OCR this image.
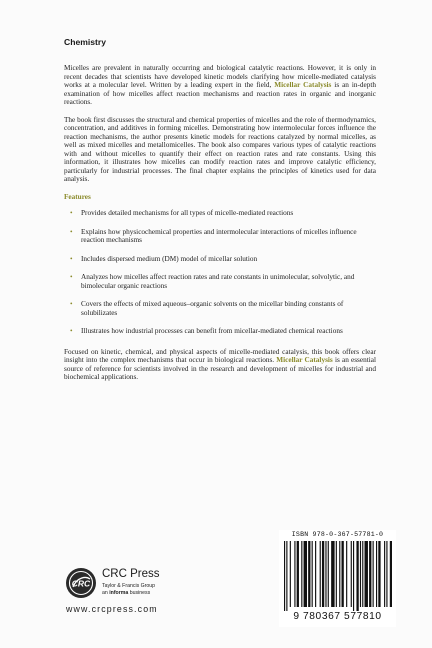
Chemistry

Micelles are prevalent in naturally occurring and biological catalytic reactions. However, it is only in recent decades that scientists have developed kinetic models clarifying how micelle-mediated catalysis works at a molecular level. Written by a leading expert in the field, Micellar Catalysis is an in-depth examination of how micelles affect reaction mechanisms and reaction rates in organic and inorganic reactions.

The book first discusses the structural and chemical properties of micelles and the role of thermodynamics, concentration, and additives in forming micelles. Demonstrating how intermolecular forces influence the reaction mechanisms, the author presents kinetic models for reactions catalyzed by normal micelles, as well as mixed micelles and metallomicelles. The book also compares various types of catalytic reactions with and without micelles to quantify their effect on reaction rates and rate constants. Using this information, it illustrates how micelles can modify reaction rates and improve catalytic efficiency, particularly for industrial processes. The final chapter explains the principles of kinetics used for data analysis.

Features
• Provides detailed mechanisms for all types of micelle-mediated reactions
• Explains how physicochemical properties and intermolecular interactions of micelles influence reaction mechanisms
• Includes dispersed medium (DM) model of micellar solution
• Analyzes how micelles affect reaction rates and rate constants in unimolecular, solvolytic, and bimolecular organic reactions
• Covers the effects of mixed aqueous–organic solvents on the micellar binding constants of solubilizates
• Illustrates how industrial processes can benefit from micellar-mediated chemical reactions

Focused on kinetic, chemical, and physical aspects of micelle-mediated catalysis, this book offers clear insight into the complex mechanisms that occur in biological reactions. Micellar Catalysis is an essential source of reference for scientists involved in the research and development of micelles for industrial and biochemical applications.

CRC
CRC Press
Taylor & Francis Group
an informa business
www.crcpress.com
ISBN 978-0-367-57781-0
9 780367 577810
